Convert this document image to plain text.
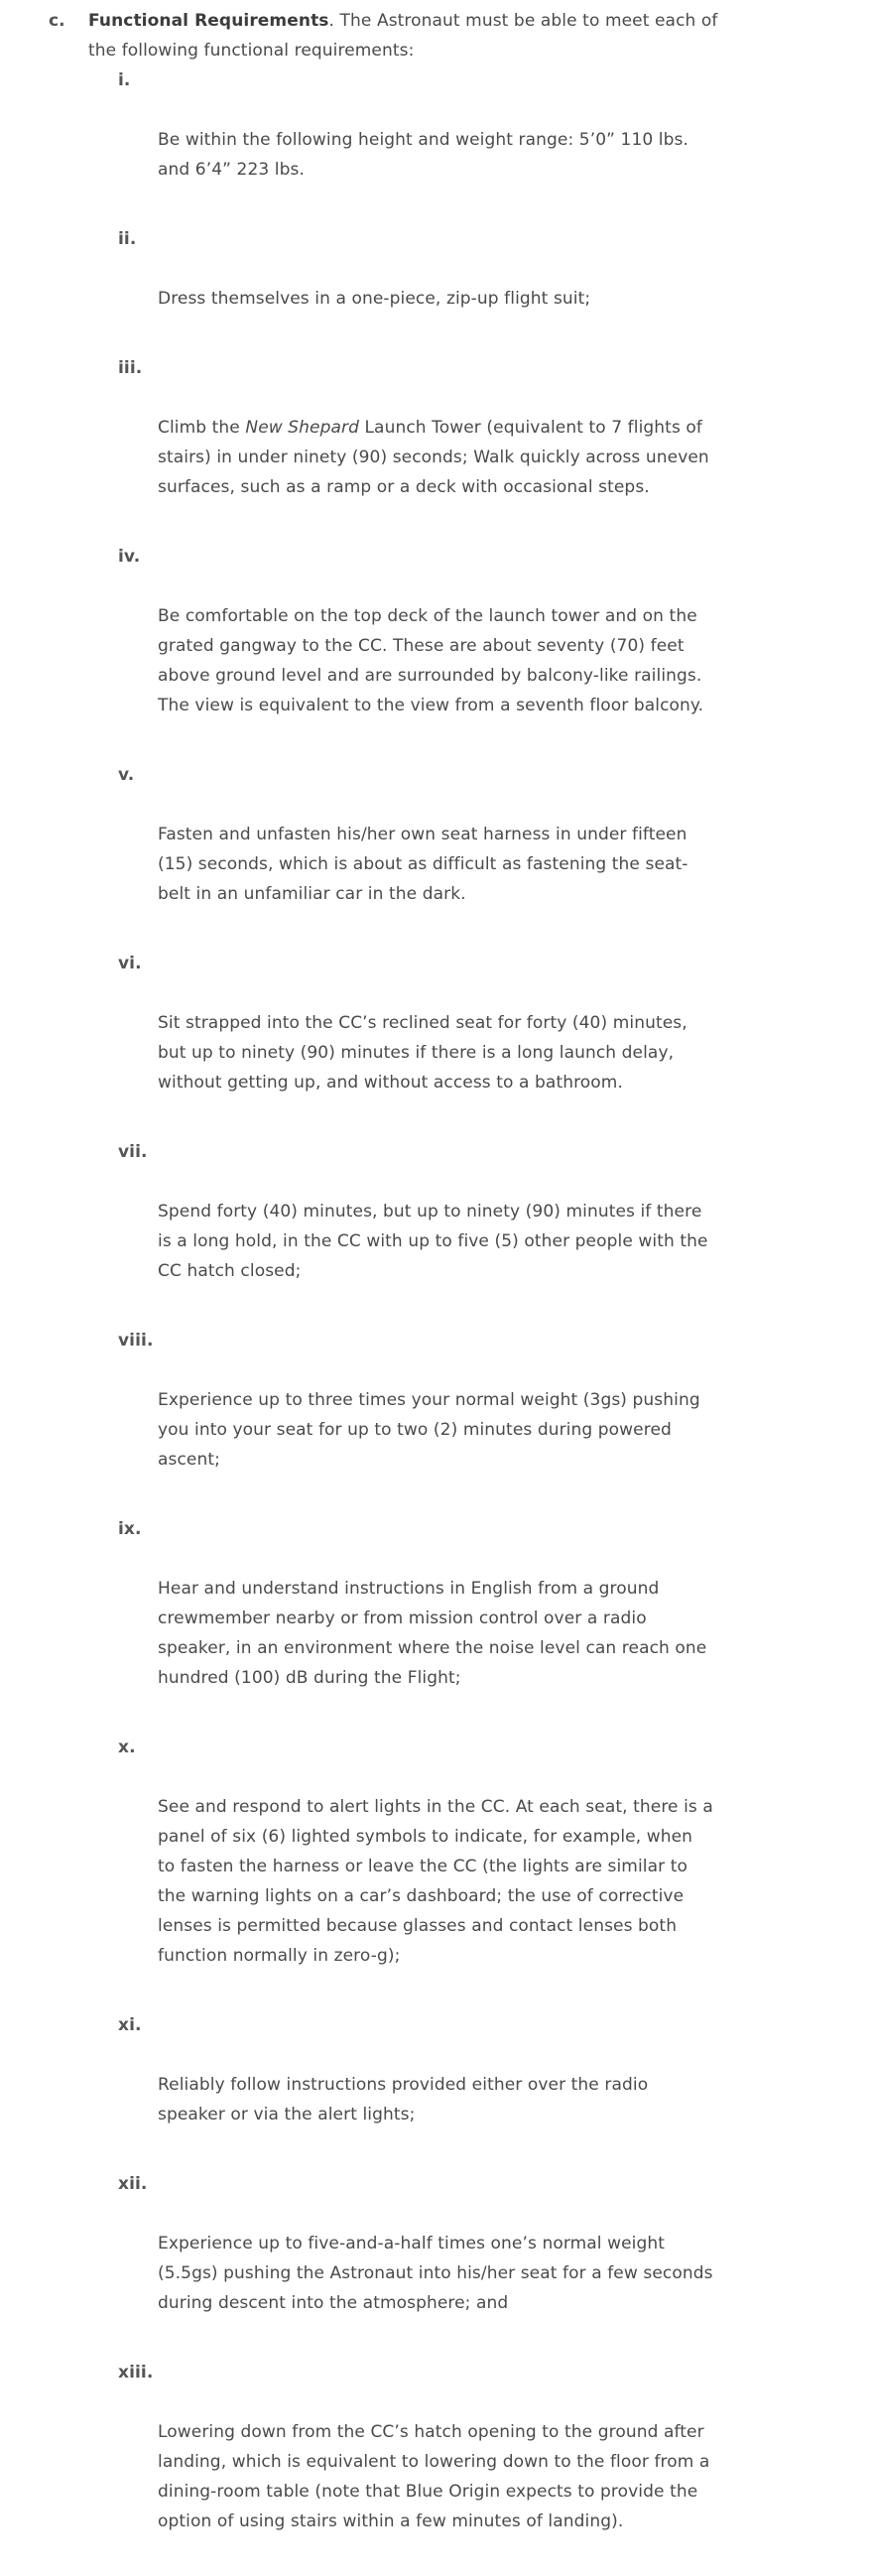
c. Functional Requirements. The Astronaut must be able to meet each of the following functional requirements:

i.

Be within the following height and weight range: 5’0” 110 lbs. and 6’4” 223 lbs.

ii.

Dress themselves in a one-piece, zip-up flight suit;

iii.

Climb the New Shepard Launch Tower (equivalent to 7 flights of stairs) in under ninety (90) seconds; Walk quickly across uneven surfaces, such as a ramp or a deck with occasional steps.

iv.

Be comfortable on the top deck of the launch tower and on the grated gangway to the CC. These are about seventy (70) feet above ground level and are surrounded by balcony-like railings. The view is equivalent to the view from a seventh floor balcony.

v.

Fasten and unfasten his/her own seat harness in under fifteen (15) seconds, which is about as difficult as fastening the seat-belt in an unfamiliar car in the dark.

vi.

Sit strapped into the CC’s reclined seat for forty (40) minutes, but up to ninety (90) minutes if there is a long launch delay, without getting up, and without access to a bathroom.

vii.

Spend forty (40) minutes, but up to ninety (90) minutes if there is a long hold, in the CC with up to five (5) other people with the CC hatch closed;

viii.

Experience up to three times your normal weight (3gs) pushing you into your seat for up to two (2) minutes during powered ascent;

ix.

Hear and understand instructions in English from a ground crewmember nearby or from mission control over a radio speaker, in an environment where the noise level can reach one hundred (100) dB during the Flight;

x.

See and respond to alert lights in the CC. At each seat, there is a panel of six (6) lighted symbols to indicate, for example, when to fasten the harness or leave the CC (the lights are similar to the warning lights on a car’s dashboard; the use of corrective lenses is permitted because glasses and contact lenses both function normally in zero-g);

xi.

Reliably follow instructions provided either over the radio speaker or via the alert lights;

xii.

Experience up to five-and-a-half times one’s normal weight (5.5gs) pushing the Astronaut into his/her seat for a few seconds during descent into the atmosphere; and

xiii.

Lowering down from the CC’s hatch opening to the ground after landing, which is equivalent to lowering down to the floor from a dining-room table (note that Blue Origin expects to provide the option of using stairs within a few minutes of landing).
